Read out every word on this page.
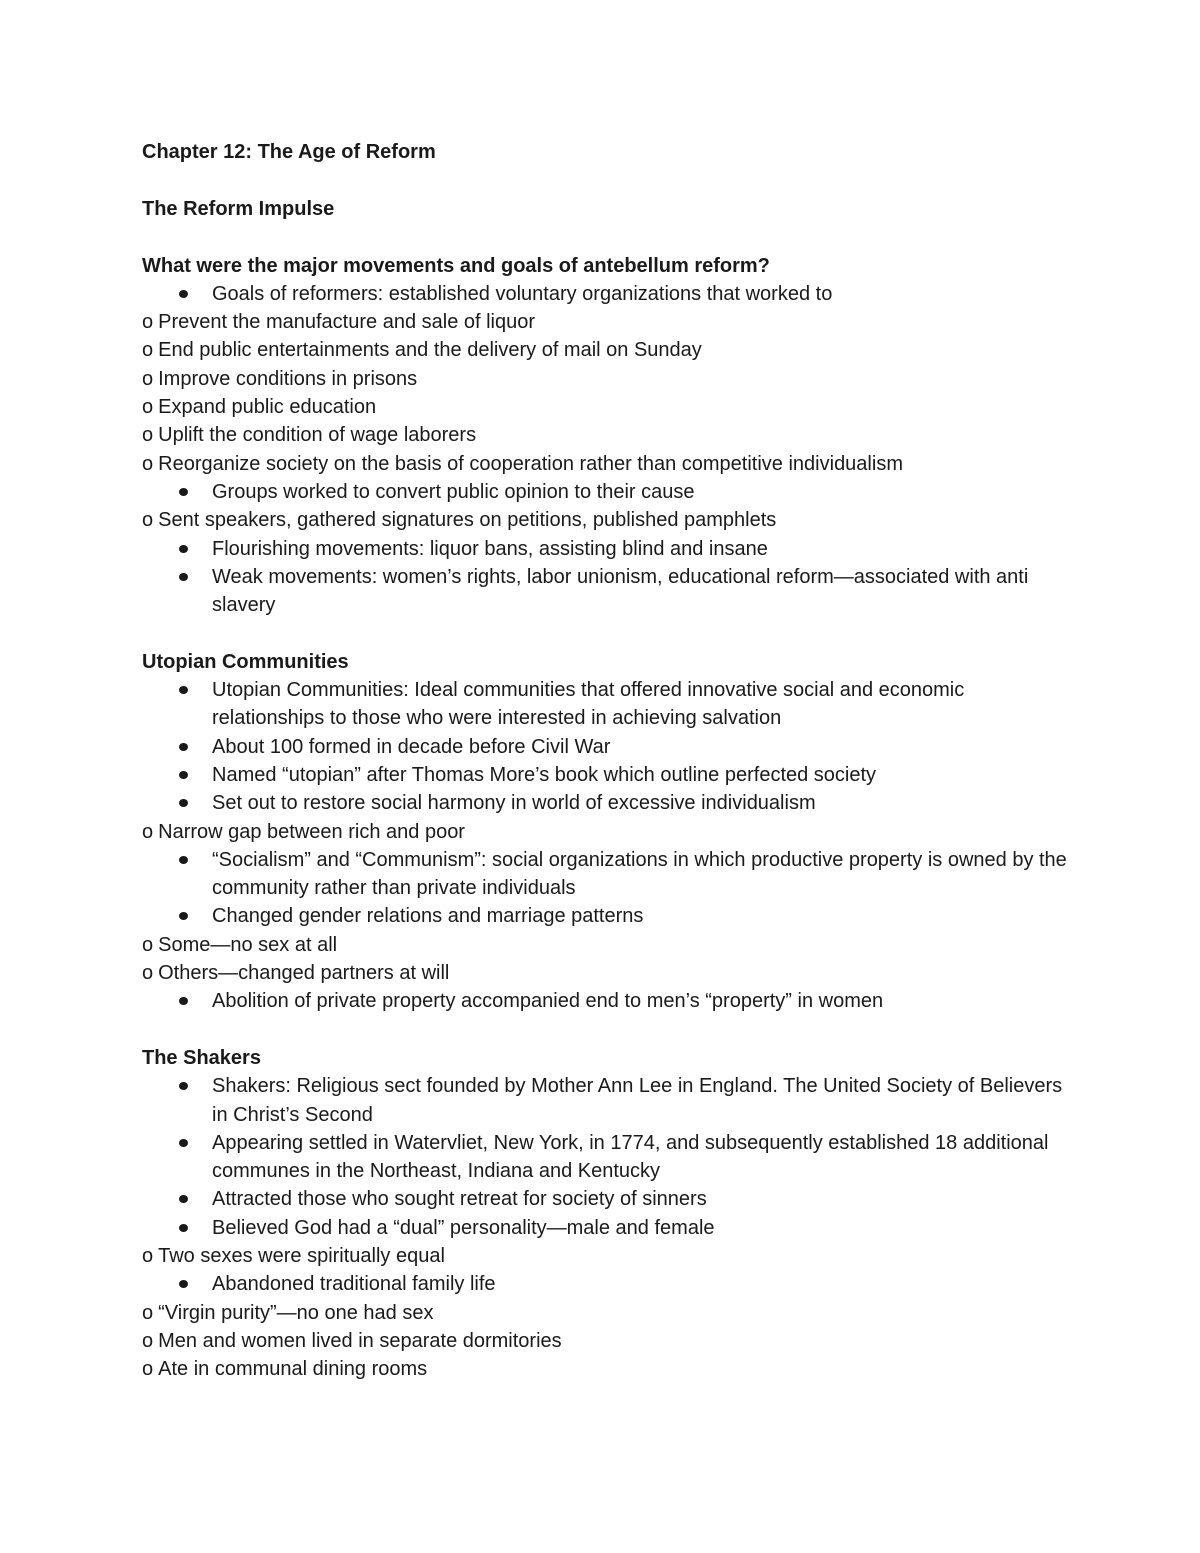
Chapter 12: The Age of Reform
The Reform Impulse
What were the major movements and goals of antebellum reform?
Goals of reformers: established voluntary organizations that worked to
o Prevent the manufacture and sale of liquor
o End public entertainments and the delivery of mail on Sunday
o Improve conditions in prisons
o Expand public education
o Uplift the condition of wage laborers
o Reorganize society on the basis of cooperation rather than competitive individualism
Groups worked to convert public opinion to their cause
o Sent speakers, gathered signatures on petitions, published pamphlets
Flourishing movements: liquor bans, assisting blind and insane
Weak movements: women’s rights, labor unionism, educational reform—associated with anti slavery
Utopian Communities
Utopian Communities: Ideal communities that offered innovative social and economic relationships to those who were interested in achieving salvation
About 100 formed in decade before Civil War
Named “utopian” after Thomas More’s book which outline perfected society
Set out to restore social harmony in world of excessive individualism
o Narrow gap between rich and poor
“Socialism” and “Communism”: social organizations in which productive property is owned by the community rather than private individuals
Changed gender relations and marriage patterns
o Some—no sex at all
o Others—changed partners at will
Abolition of private property accompanied end to men’s “property” in women
The Shakers
Shakers: Religious sect founded by Mother Ann Lee in England. The United Society of Believers in Christ’s Second
Appearing settled in Watervliet, New York, in 1774, and subsequently established 18 additional communes in the Northeast, Indiana and Kentucky
Attracted those who sought retreat for society of sinners
Believed God had a “dual” personality—male and female
o Two sexes were spiritually equal
Abandoned traditional family life
o “Virgin purity”—no one had sex
o Men and women lived in separate dormitories
o Ate in communal dining rooms
